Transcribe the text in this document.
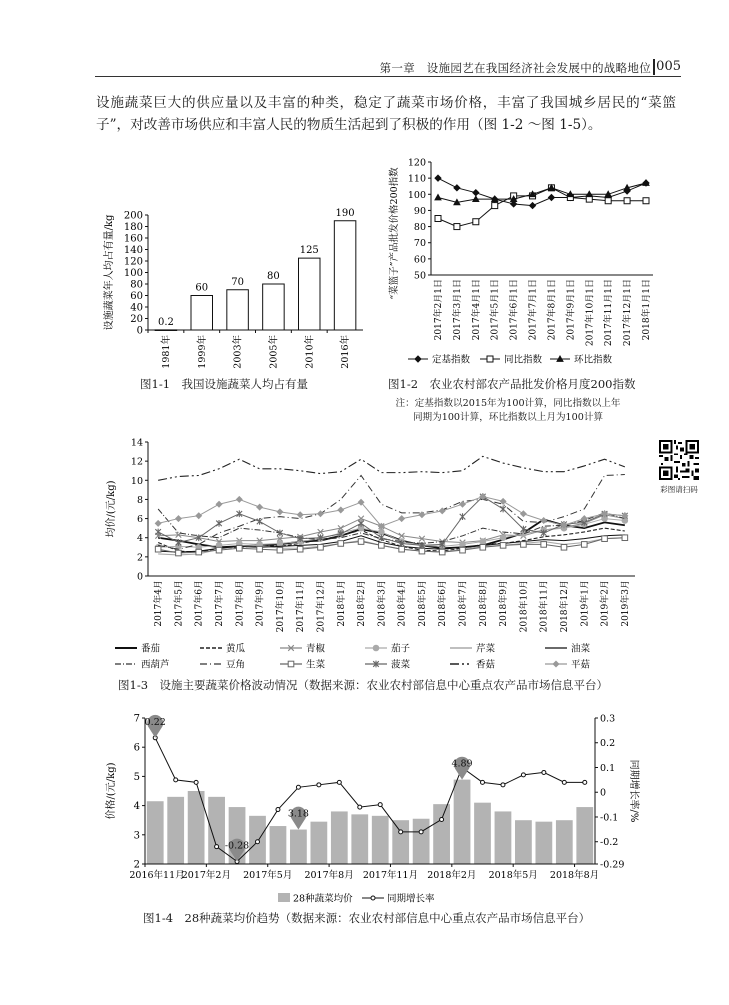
第一章　设施园艺在我国经济社会发展中的战略地位 005

设施蔬菜巨大的供应量以及丰富的种类，稳定了蔬菜市场价格，丰富了我国城乡居民的“菜篮子”，对改善市场供应和丰富人民的物质生活起到了积极的作用（图 1-2 ～图 1-5）。

0
20
40
60
80
100
120
140
160
180
200
0.2
1981年
60
1999年
70
2003年
80
2005年
125
2010年
190
2016年
设施蔬菜年人均占有量/kg
图1-1　我国设施蔬菜人均占有量
50
60
70
80
90
100
110
120
2017年2月1日 2017年3月1日 2017年4月1日 2017年5月1日 2017年6月1日 2017年7月1日 2017年8月1日 2017年9月1日 2017年10月1日 2017年11月1日 2017年12月1日 2018年1月1日
“菜篮子”产品批发价格200指数
定基指数	同比指数	环比指数
图1-2　农业农村部农产品批发价格月度200指数
注：定基指数以2015年为100计算，同比指数以上年同期为100计算，环比指数以上月为100计算
0
2
4
6
8
10
12
14
2017年4月 2017年5月 2017年6月 2017年7月 2017年8月 2017年9月 2017年10月 2017年11月 2017年12月 2018年1月 2018年2月 2018年3月 2018年4月 2018年5月 2018年6月 2018年7月 2018年8月 2018年9月 2018年10月 2018年11月 2018年12月 2019年1月 2019年2月 2019年3月
均价/(元/kg)
番茄	黄瓜	青椒	茄子	芹菜	油菜
西葫芦	豆角	生菜	菠菜	香菇	平菇
图1-3　设施主要蔬菜价格波动情况（数据来源：农业农村部信息中心重点农产品市场信息平台）
2
3
4
5
6
7
-0.29
-0.2
-0.1
0
0.1
0.2
0.3
2016年11月
2017年2月 2017年5月 2017年8月 2017年11月 2018年2月 2018年5月 2018年8月
价格/(元/kg)	同期增长率/%
0.22
-0.28
3.18
4.89
28种蔬菜均价	同期增长率
图1-4　28种蔬菜均价趋势（数据来源：农业农村部信息中心重点农产品市场信息平台）
彩图请扫码
